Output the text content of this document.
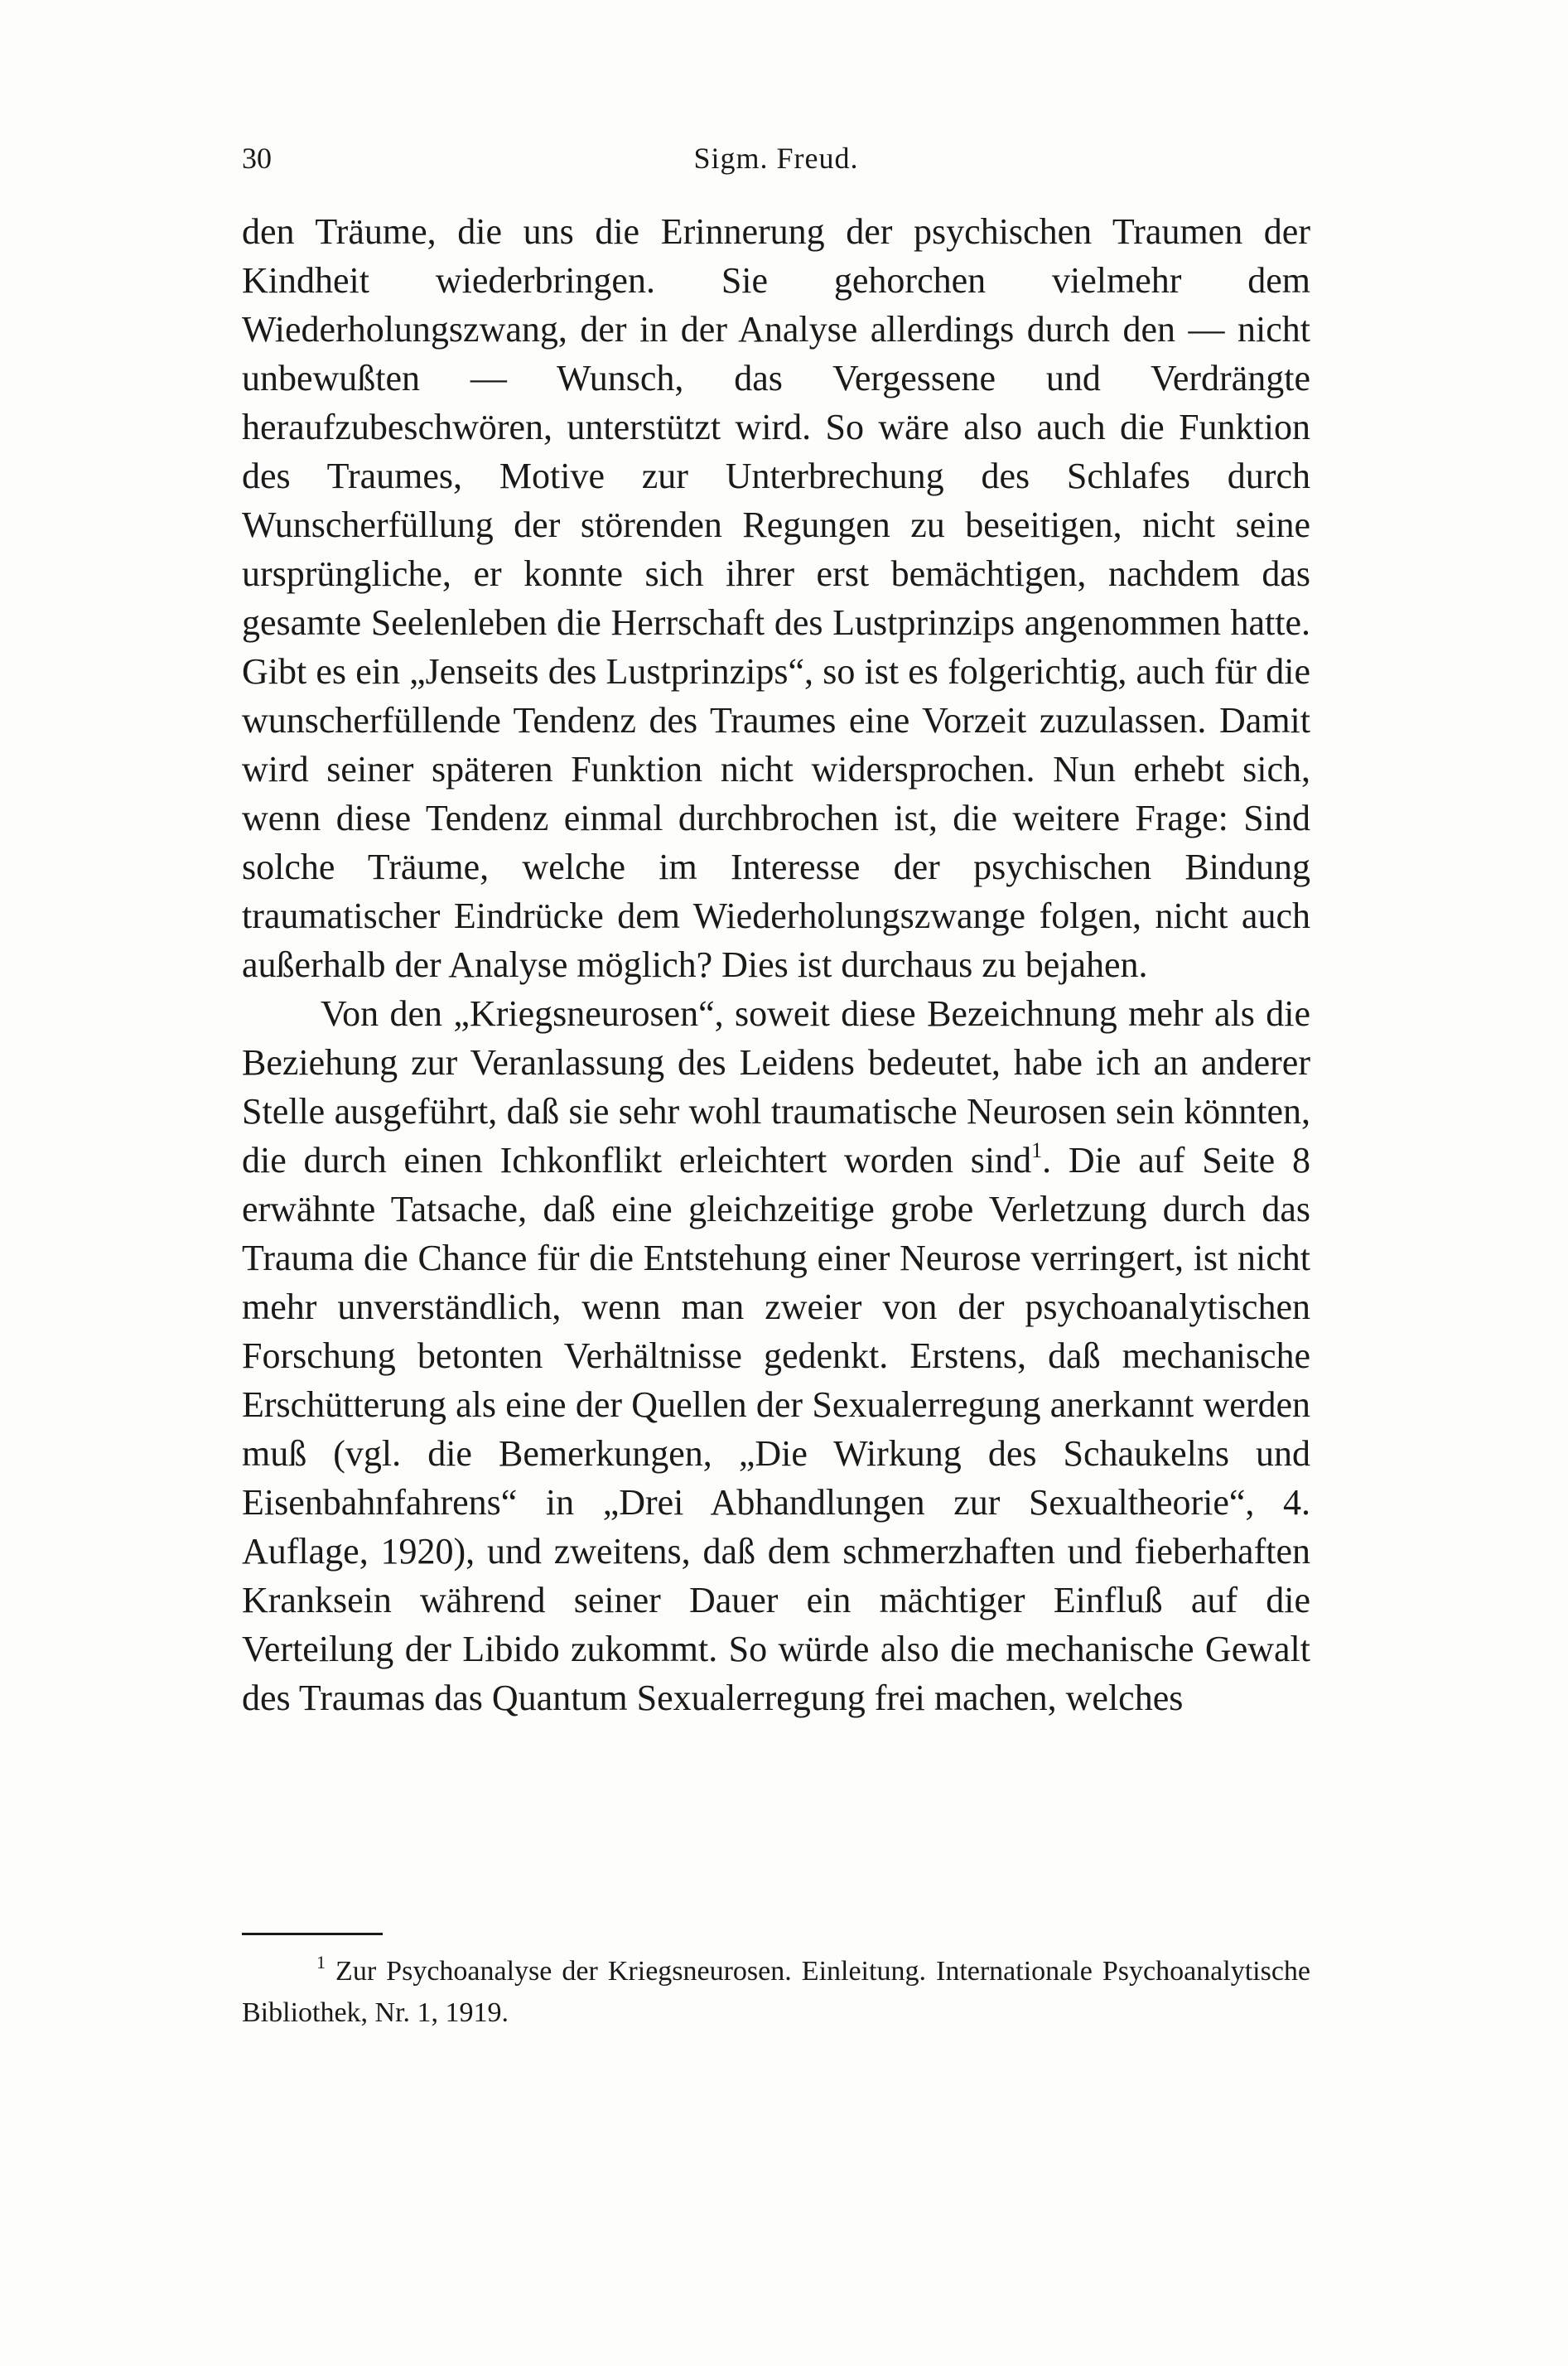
30	Sigm. Freud.

den Träume, die uns die Erinnerung der psychischen Traumen der Kindheit wiederbringen. Sie gehorchen vielmehr dem Wiederholungszwang, der in der Analyse allerdings durch den — nicht unbewußten — Wunsch, das Vergessene und Verdrängte heraufzubeschwören, unterstützt wird. So wäre also auch die Funktion des Traumes, Motive zur Unterbrechung des Schlafes durch Wunscherfüllung der störenden Regungen zu beseitigen, nicht seine ursprüngliche, er konnte sich ihrer erst bemächtigen, nachdem das gesamte Seelenleben die Herrschaft des Lustprinzips angenommen hatte. Gibt es ein „Jenseits des Lustprinzips“, so ist es folgerichtig, auch für die wunscherfüllende Tendenz des Traumes eine Vorzeit zuzulassen. Damit wird seiner späteren Funktion nicht widersprochen. Nun erhebt sich, wenn diese Tendenz einmal durchbrochen ist, die weitere Frage: Sind solche Träume, welche im Interesse der psychischen Bindung traumatischer Eindrücke dem Wiederholungszwange folgen, nicht auch außerhalb der Analyse möglich? Dies ist durchaus zu bejahen.

Von den „Kriegsneurosen“, soweit diese Bezeichnung mehr als die Beziehung zur Veranlassung des Leidens bedeutet, habe ich an anderer Stelle ausgeführt, daß sie sehr wohl traumatische Neurosen sein könnten, die durch einen Ichkonflikt erleichtert worden sind$^1$. Die auf Seite 8 erwähnte Tatsache, daß eine gleichzeitige grobe Verletzung durch das Trauma die Chance für die Entstehung einer Neurose verringert, ist nicht mehr unverständlich, wenn man zweier von der psychoanalytischen Forschung betonten Verhältnisse gedenkt. Erstens, daß mechanische Erschütterung als eine der Quellen der Sexualerregung anerkannt werden muß (vgl. die Bemerkungen, „Die Wirkung des Schaukelns und Eisenbahnfahrens“ in „Drei Abhandlungen zur Sexualtheorie“, 4. Auflage, 1920), und zweitens, daß dem schmerzhaften und fieberhaften Kranksein während seiner Dauer ein mächtiger Einfluß auf die Verteilung der Libido zukommt. So würde also die mechanische Gewalt des Traumas das Quantum Sexualerregung frei machen, welches

$^1$ Zur Psychoanalyse der Kriegsneurosen. Einleitung. Internationale Psychoanalytische Bibliothek, Nr. 1, 1919.
